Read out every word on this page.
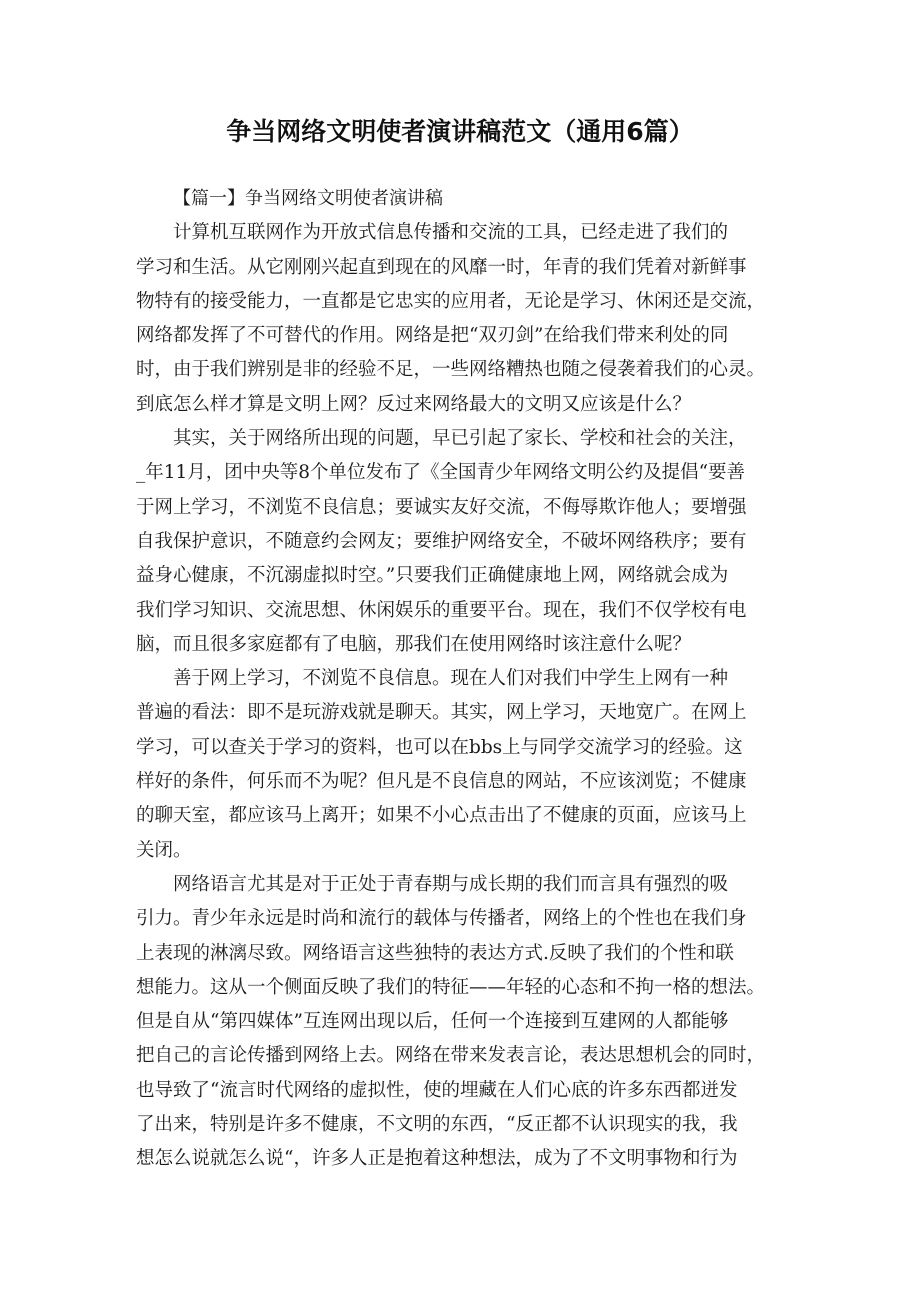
争当网络文明使者演讲稿范文（通用6篇）
【篇一】争当网络文明使者演讲稿
计算机互联网作为开放式信息传播和交流的工具，已经走进了我们的
学习和生活。从它刚刚兴起直到现在的风靡一时，年青的我们凭着对新鲜事
物特有的接受能力，一直都是它忠实的应用者，无论是学习、休闲还是交流，
网络都发挥了不可替代的作用。网络是把“双刃剑”在给我们带来利处的同
时，由于我们辨别是非的经验不足，一些网络糟热也随之侵袭着我们的心灵。
到底怎么样才算是文明上网？反过来网络最大的文明又应该是什么？
其实，关于网络所出现的问题，早已引起了家长、学校和社会的关注，
_年11月，团中央等8个单位发布了《全国青少年网络文明公约及提倡“要善
于网上学习，不浏览不良信息；要诚实友好交流，不侮辱欺诈他人；要增强
自我保护意识，不随意约会网友；要维护网络安全，不破坏网络秩序；要有
益身心健康，不沉溺虚拟时空。”只要我们正确健康地上网，网络就会成为
我们学习知识、交流思想、休闲娱乐的重要平台。现在，我们不仅学校有电
脑，而且很多家庭都有了电脑，那我们在使用网络时该注意什么呢？
善于网上学习，不浏览不良信息。现在人们对我们中学生上网有一种
普遍的看法：即不是玩游戏就是聊天。其实，网上学习，天地宽广。在网上
学习，可以查关于学习的资料，也可以在bbs上与同学交流学习的经验。这
样好的条件，何乐而不为呢？但凡是不良信息的网站，不应该浏览；不健康
的聊天室，都应该马上离开；如果不小心点击出了不健康的页面，应该马上
关闭。
网络语言尤其是对于正处于青春期与成长期的我们而言具有强烈的吸
引力。青少年永远是时尚和流行的载体与传播者，网络上的个性也在我们身
上表现的淋漓尽致。网络语言这些独特的表达方式.反映了我们的个性和联
想能力。这从一个侧面反映了我们的特征——年轻的心态和不拘一格的想法。
但是自从“第四媒体”互连网出现以后，任何一个连接到互建网的人都能够
把自己的言论传播到网络上去。网络在带来发表言论，表达思想机会的同时，
也导致了“流言时代网络的虚拟性，使的埋藏在人们心底的许多东西都迸发
了出来，特别是许多不健康，不文明的东西，“反正都不认识现实的我，我
想怎么说就怎么说“，许多人正是抱着这种想法，成为了不文明事物和行为
